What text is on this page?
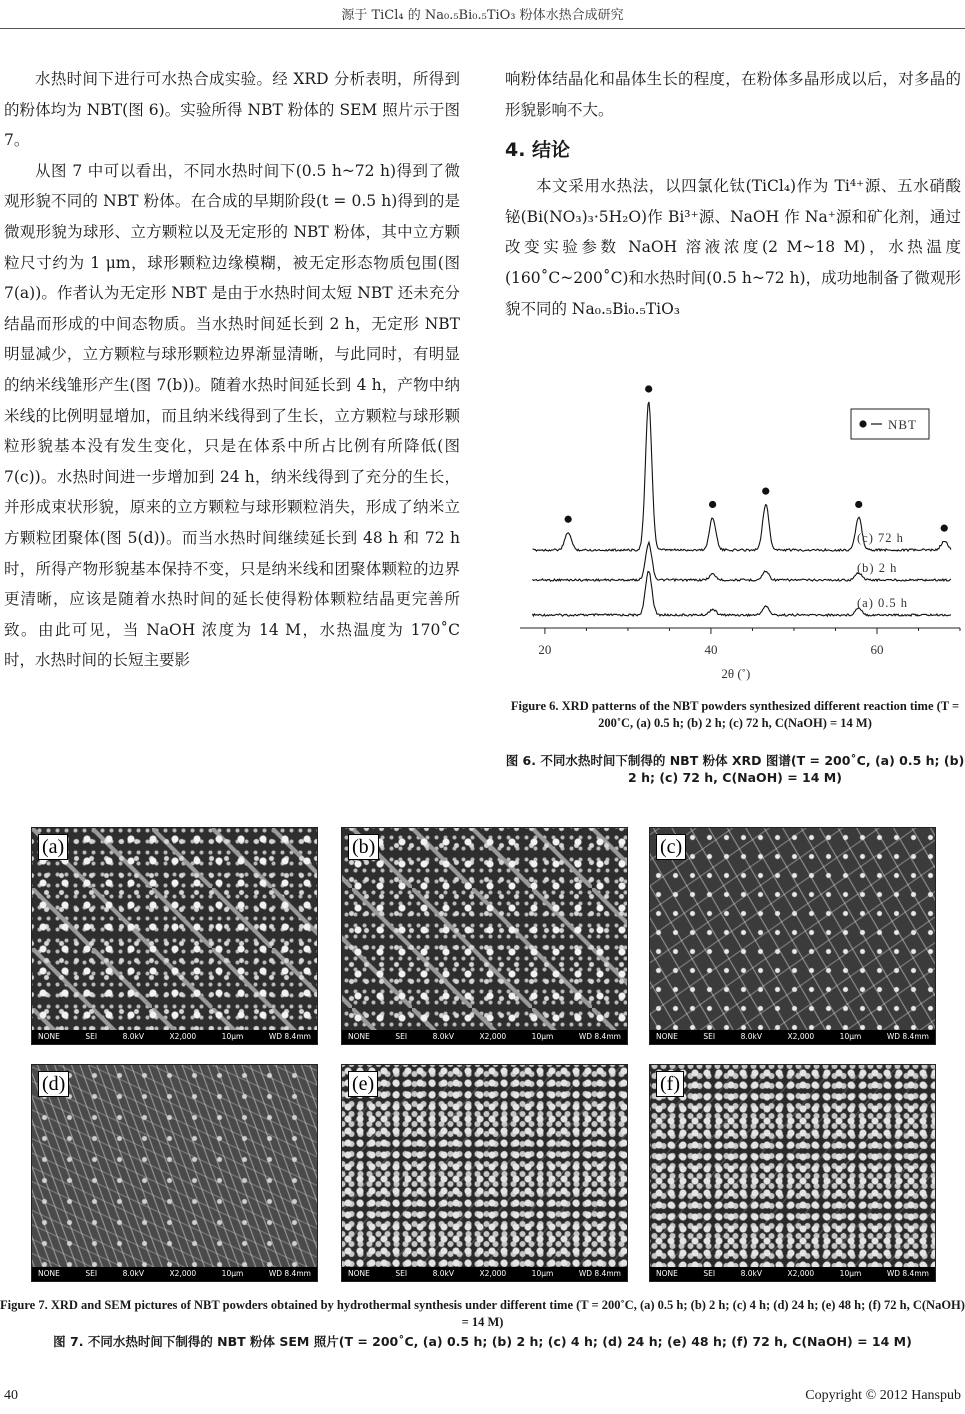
源于 TiCl₄ 的 Na₀.₅Bi₀.₅TiO₃ 粉体水热合成研究

水热时间下进行可水热合成实验。经 XRD 分析表明，所得到的粉体均为 NBT(图 6)。实验所得 NBT 粉体的 SEM 照片示于图 7。

从图 7 中可以看出，不同水热时间下(0.5 h~72 h)得到了微观形貌不同的 NBT 粉体。在合成的早期阶段(t = 0.5 h)得到的是微观形貌为球形、立方颗粒以及无定形的 NBT 粉体，其中立方颗粒尺寸约为 1 μm，球形颗粒边缘模糊，被无定形态物质包围(图 7(a))。作者认为无定形 NBT 是由于水热时间太短 NBT 还未充分结晶而形成的中间态物质。当水热时间延长到 2 h，无定形 NBT 明显减少，立方颗粒与球形颗粒边界渐显清晰，与此同时，有明显的纳米线雏形产生(图 7(b))。随着水热时间延长到 4 h，产物中纳米线的比例明显增加，而且纳米线得到了生长，立方颗粒与球形颗粒形貌基本没有发生变化，只是在体系中所占比例有所降低(图 7(c))。水热时间进一步增加到 24 h，纳米线得到了充分的生长，并形成束状形貌，原来的立方颗粒与球形颗粒消失，形成了纳米立方颗粒团聚体(图 5(d))。而当水热时间继续延长到 48 h 和 72 h 时，所得产物形貌基本保持不变，只是纳米线和团聚体颗粒的边界更清晰，应该是随着水热时间的延长使得粉体颗粒结晶更完善所致。由此可见，当 NaOH 浓度为 14 M，水热温度为 170˚C 时，水热时间的长短主要影

响粉体结晶化和晶体生长的程度，在粉体多晶形成以后，对多晶的形貌影响不大。

4. 结论

本文采用水热法，以四氯化钛(TiCl₄)作为 Ti⁴⁺源、五水硝酸铋(Bi(NO₃)₃·5H₂O)作 Bi³⁺源、NaOH 作 Na⁺源和矿化剂，通过改变实验参数 NaOH 溶液浓度(2 M~18 M)，水热温度(160˚C~200˚C)和水热时间(0.5 h~72 h)，成功地制备了微观形貌不同的 Na₀.₅Bi₀.₅TiO₃

20	40	60
2θ (˚)
(a) 0.5 h
(b) 2 h
(c) 72 h
NBT
Figure 6. XRD patterns of the NBT powders synthesized different reaction time (T = 200˚C, (a) 0.5 h; (b) 2 h; (c) 72 h, C(NaOH) = 14 M)
图 6. 不同水热时间下制得的 NBT 粉体 XRD 图谱(T = 200˚C, (a) 0.5 h; (b) 2 h; (c) 72 h, C(NaOH) = 14 M)
(a)
NONE	SEI	8.0kV	X2,000	10μm	WD 8.4mm
(b)
NONE	SEI	8.0kV	X2,000	10μm	WD 8.4mm
(c)
NONE	SEI	8.0kV	X2,000	10μm	WD 8.4mm
(d)
NONE	SEI	8.0kV	X2,000	10μm	WD 8.4mm
(e)
NONE	SEI	8.0kV	X2,000	10μm	WD 8.4mm
(f)
NONE	SEI	8.0kV	X2,000	10μm	WD 8.4mm
Figure 7. XRD and SEM pictures of NBT powders obtained by hydrothermal synthesis under different time (T = 200˚C, (a) 0.5 h; (b) 2 h; (c) 4 h; (d) 24 h; (e) 48 h; (f) 72 h, C(NaOH) = 14 M)
图 7. 不同水热时间下制得的 NBT 粉体 SEM 照片(T = 200˚C, (a) 0.5 h; (b) 2 h; (c) 4 h; (d) 24 h; (e) 48 h; (f) 72 h, C(NaOH) = 14 M)
40	Copyright © 2012 Hanspub
